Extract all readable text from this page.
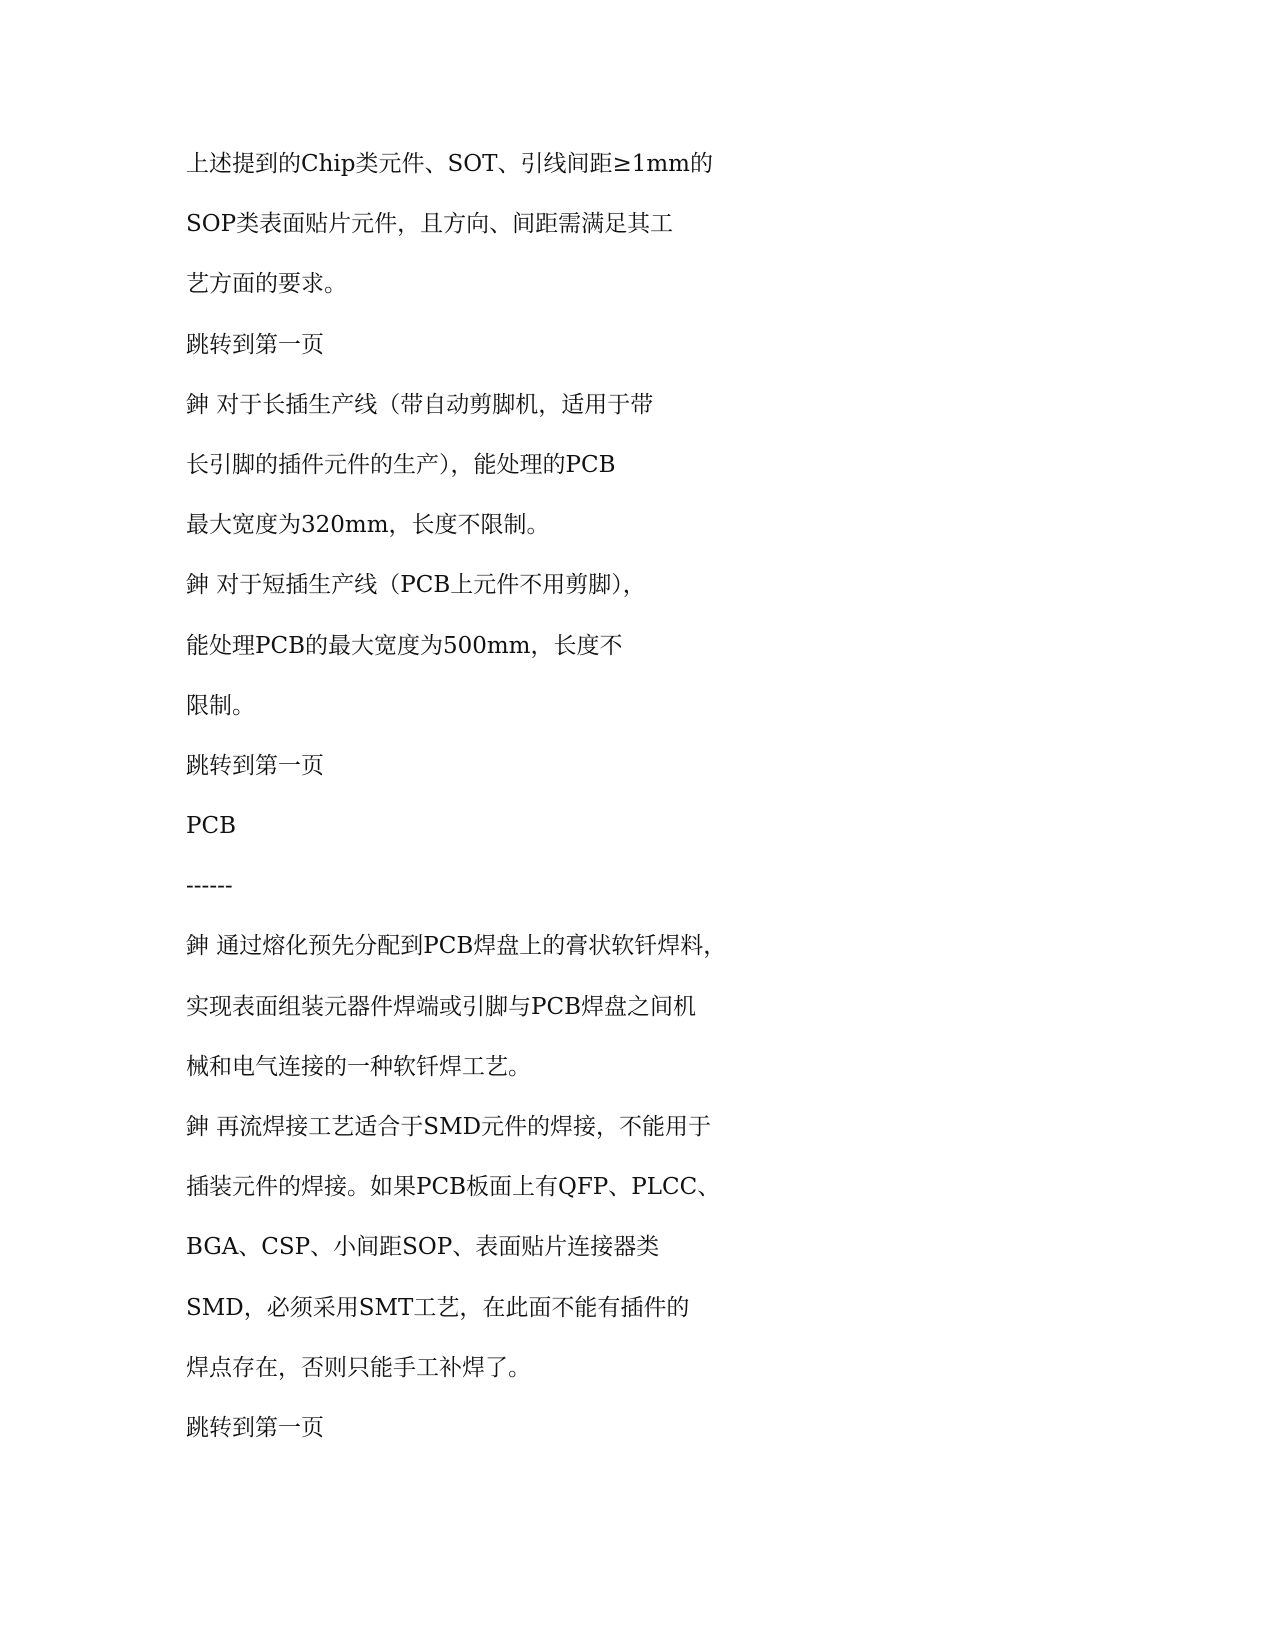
上述提到的Chip类元件、SOT、引线间距≥1mm的
SOP类表面贴片元件，且方向、间距需满足其工
艺方面的要求。
跳转到第一页
鉮 对于长插生产线（带自动剪脚机，适用于带
长引脚的插件元件的生产），能处理的PCB
最大宽度为320mm，长度不限制。
鉮 对于短插生产线（PCB上元件不用剪脚），
能处理PCB的最大宽度为500mm，长度不
限制。
跳转到第一页
PCB
------
鉮 通过熔化预先分配到PCB焊盘上的膏状软钎焊料，
实现表面组装元器件焊端或引脚与PCB焊盘之间机
械和电气连接的一种软钎焊工艺。
鉮 再流焊接工艺适合于SMD元件的焊接，不能用于
插装元件的焊接。如果PCB板面上有QFP、PLCC、
BGA、CSP、小间距SOP、表面贴片连接器类
SMD，必须采用SMT工艺，在此面不能有插件的
焊点存在，否则只能手工补焊了。
跳转到第一页
